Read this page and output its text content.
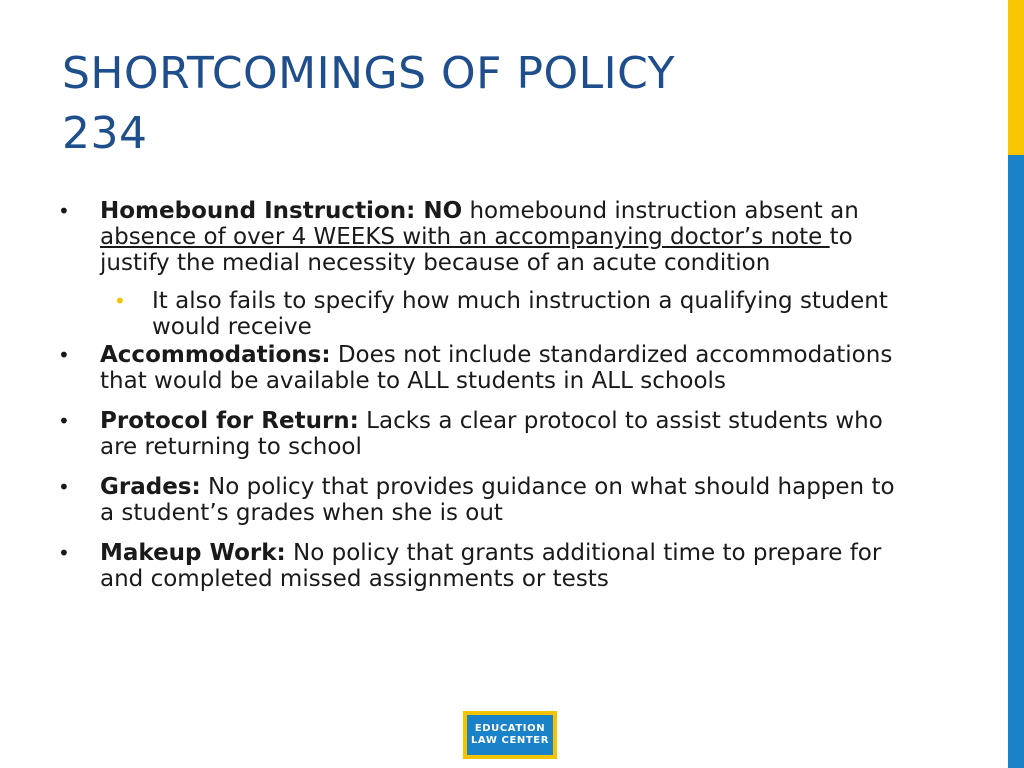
SHORTCOMINGS OF POLICY
234
•	Homebound Instruction: NO homebound instruction absent an absence of over 4 WEEKS with an accompanying doctor’s note to justify the medial necessity because of an acute condition
•	It also fails to specify how much instruction a qualifying student would receive
•	Accommodations: Does not include standardized accommodations that would be available to ALL students in ALL schools
•	Protocol for Return: Lacks a clear protocol to assist students who are returning to school
•	Grades: No policy that provides guidance on what should happen to a student’s grades when she is out
•	Makeup Work: No policy that grants additional time to prepare for and completed missed assignments or tests
EDUCATION
LAW CENTER
